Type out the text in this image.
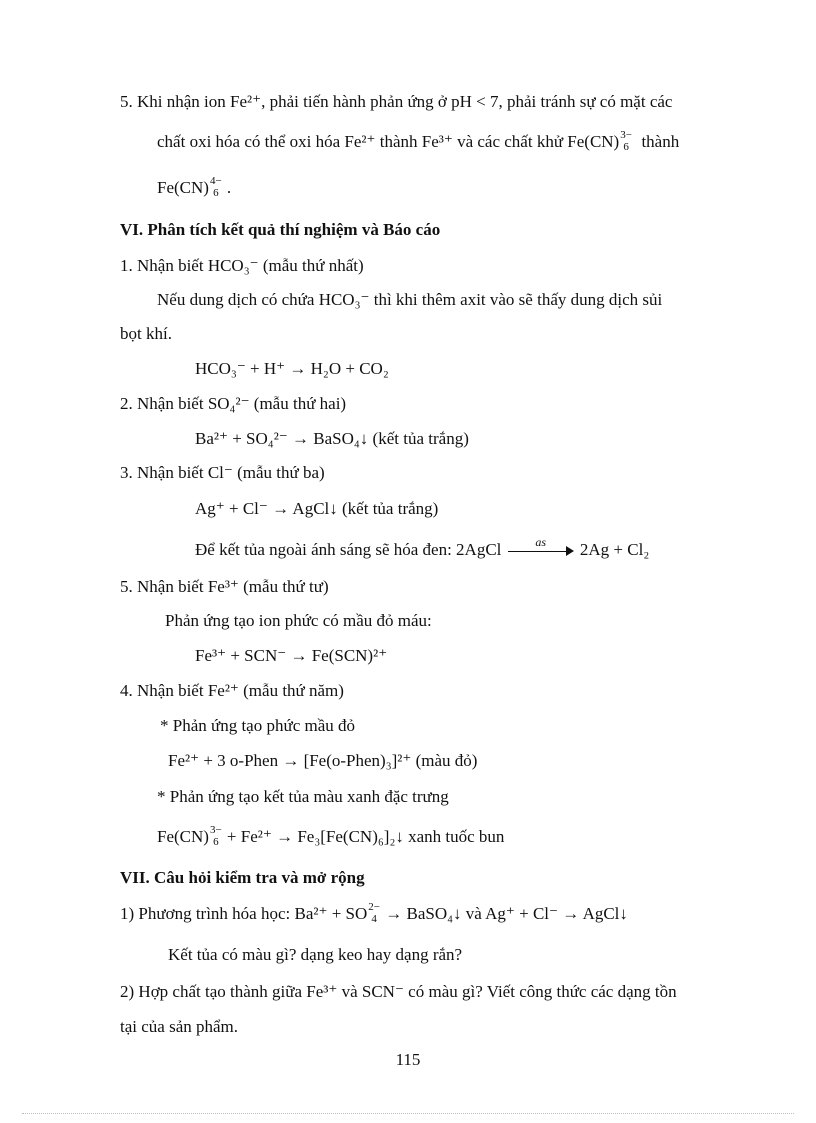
5. Khi nhận ion Fe²⁺, phải tiến hành phản ứng ở pH < 7, phải tránh sự có mặt các
chất oxi hóa có thể oxi hóa Fe²⁺ thành Fe³⁺ và các chất khử Fe(CN) 3−
6 thành
Fe(CN) 4−
6 .
VI. Phân tích kết quả thí nghiệm và Báo cáo
1. Nhận biết HCO₃⁻ (mẫu thứ nhất)
Nếu dung dịch có chứa HCO₃⁻ thì khi thêm axit vào sẽ thấy dung dịch sủi
bọt khí.
HCO₃⁻ + H⁺ → H₂O + CO₂
2. Nhận biết SO₄²⁻ (mẫu thứ hai)
Ba²⁺ + SO₄²⁻ → BaSO₄↓ (kết tủa trắng)
3. Nhận biết Cl⁻ (mẫu thứ ba)
Ag⁺ + Cl⁻ → AgCl↓ (kết tủa trắng)
Để kết tủa ngoài ánh sáng sẽ hóa đen: 2AgCl	as	2Ag + Cl₂
5. Nhận biết Fe³⁺ (mẫu thứ tư)
Phản ứng tạo ion phức có mầu đỏ máu:
Fe³⁺ + SCN⁻ → Fe(SCN)²⁺
4. Nhận biết Fe²⁺ (mẫu thứ năm)
* Phản ứng tạo phức mầu đỏ
Fe²⁺ + 3 o-Phen → [Fe(o-Phen)₃]²⁺ (màu đỏ)
* Phản ứng tạo kết tủa màu xanh đặc trưng
Fe(CN) 3−
6 + Fe²⁺ → Fe₃[Fe(CN)₆]₂↓ xanh tuốc bun
VII. Câu hỏi kiểm tra và mở rộng
1) Phương trình hóa học: Ba²⁺ + SO 2−
4 → BaSO₄↓ và Ag⁺ + Cl⁻ → AgCl↓
Kết tủa có màu gì? dạng keo hay dạng rắn?
2) Hợp chất tạo thành giữa Fe³⁺ và SCN⁻ có màu gì? Viết công thức các dạng tồn
tại của sản phẩm.
115
